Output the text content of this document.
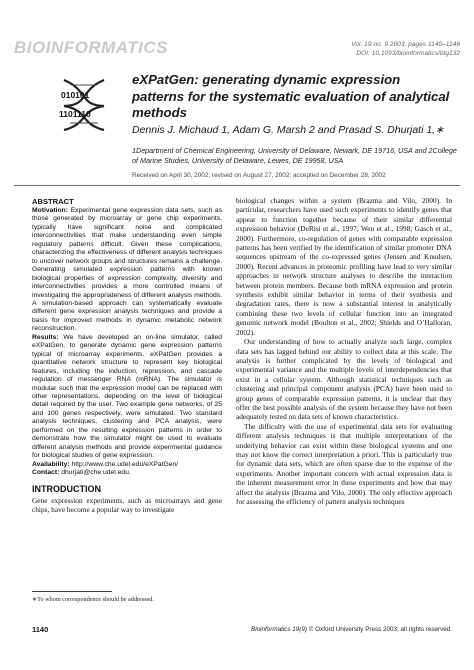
BIOINFORMATICS	Vol. 19 no. 9 2003, pages 1140–1146
DOI: 10.1093/bioinformatics/btg132
010101
1101110
eXPatGen: generating dynamic expression patterns for the systematic evaluation of analytical methods
Dennis J. Michaud 1, Adam G. Marsh 2 and Prasad S. Dhurjati 1,∗
1Department of Chemical Engineering, University of Delaware, Newark, DE 19716, USA and 2College of Marine Studies, University of Delaware, Lewes, DE 19958, USA
Received on April 30, 2002; revised on August 27, 2002; accepted on December 28, 2002
ABSTRACT

Motivation: Experimental gene expression data sets, such as those generated by microarray or gene chip experiments, typically have significant noise and complicated interconnectivities that make understanding even simple regulatory patterns difficult. Given these complications, characterizing the effectiveness of different analysis techniques to uncover network groups and structures remains a challenge. Generating simulated expression patterns with known biological properties of expression complexity, diversity and interconnectivities provides a more controlled means of investigating the appropriateness of different analysis methods. A simulation-based approach can systematically evaluate different gene expression analysis techniques and provide a basis for improved methods in dynamic metabolic network reconstruction.

Results: We have developed an on-line simulator, called eXPatGen, to generate dynamic gene expression patterns typical of microarray experiments. eXPatGen provides a quantitative network structure to represent key biological features, including the induction, repression, and cascade regulation of messenger RNA (mRNA). The simulator is modular such that the expression model can be replaced with other representations, depending on the level of biological detail required by the user. Two example gene networks, of 25 and 100 genes respectively, were simulated. Two standard analysis techniques, clustering and PCA analysis, were performed on the resulting expression patterns in order to demonstrate how the simulator might be used to evaluate different analysis methods and provide experimental guidance for biological studies of gene expression.

Availability: http://www.che.udel.edu/eXPatGen/

Contact: dhurjati@che.udel.edu.

INTRODUCTION

Gene expression experiments, such as microarrays and gene chips, have become a popular way to investigate

biological changes within a system (Brazma and Vilo, 2000). In particular, researchers have used such experiments to identify genes that appear to function together because of their similar differential expression behavior (DeRisi et al., 1997; Wen et al., 1998; Gasch et al., 2000). Furthermore, co-regulation of genes with comparable expression patterns has been verified by the identification of similar promoter DNA sequences upstream of the co-expressed genes (Jensen and Knudsen, 2000). Recent advances in proteomic profiling have lead to very similar approaches in network structure analyses to describe the interaction between protein members. Because both mRNA expression and protein synthesis exhibit similar behavior in terms of their synthesis and degradation rates, there is now a substantial interest in analytically combining these two levels of cellular function into an integrated genomic network model (Boulton et al., 2002; Shields and O’Halloran, 2002).

Our understanding of how to actually analyze such large, complex data sets has lagged behind our ability to collect data at this scale. The analysis is further complicated by the levels of biological and experimental variance and the multiple levels of interdependencies that exist in a cellular system. Although statistical techniques such as clustering and principal component analysis (PCA) have been used to group genes of comparable expression patterns, it is unclear that they offer the best possible analysis of the system because they have not been adequately tested on data sets of known characteristics.

The difficulty with the use of experimental data sets for evaluating different analysis techniques is that multiple interpretations of the underlying behavior can exist within these biological systems and one may not know the correct interpretation a priori. This is particularly true for dynamic data sets, which are often sparse due to the expense of the experiments. Another important concern with actual expression data is the inherent measurement error in these experiments and how that may affect the analysis (Brazma and Vilo, 2000). The only effective approach for assessing the efficiency of pattern analysis techniques

∗To whom correspondence should be addressed.
1140	Bioinformatics 19(9) © Oxford University Press 2003; all rights reserved.
